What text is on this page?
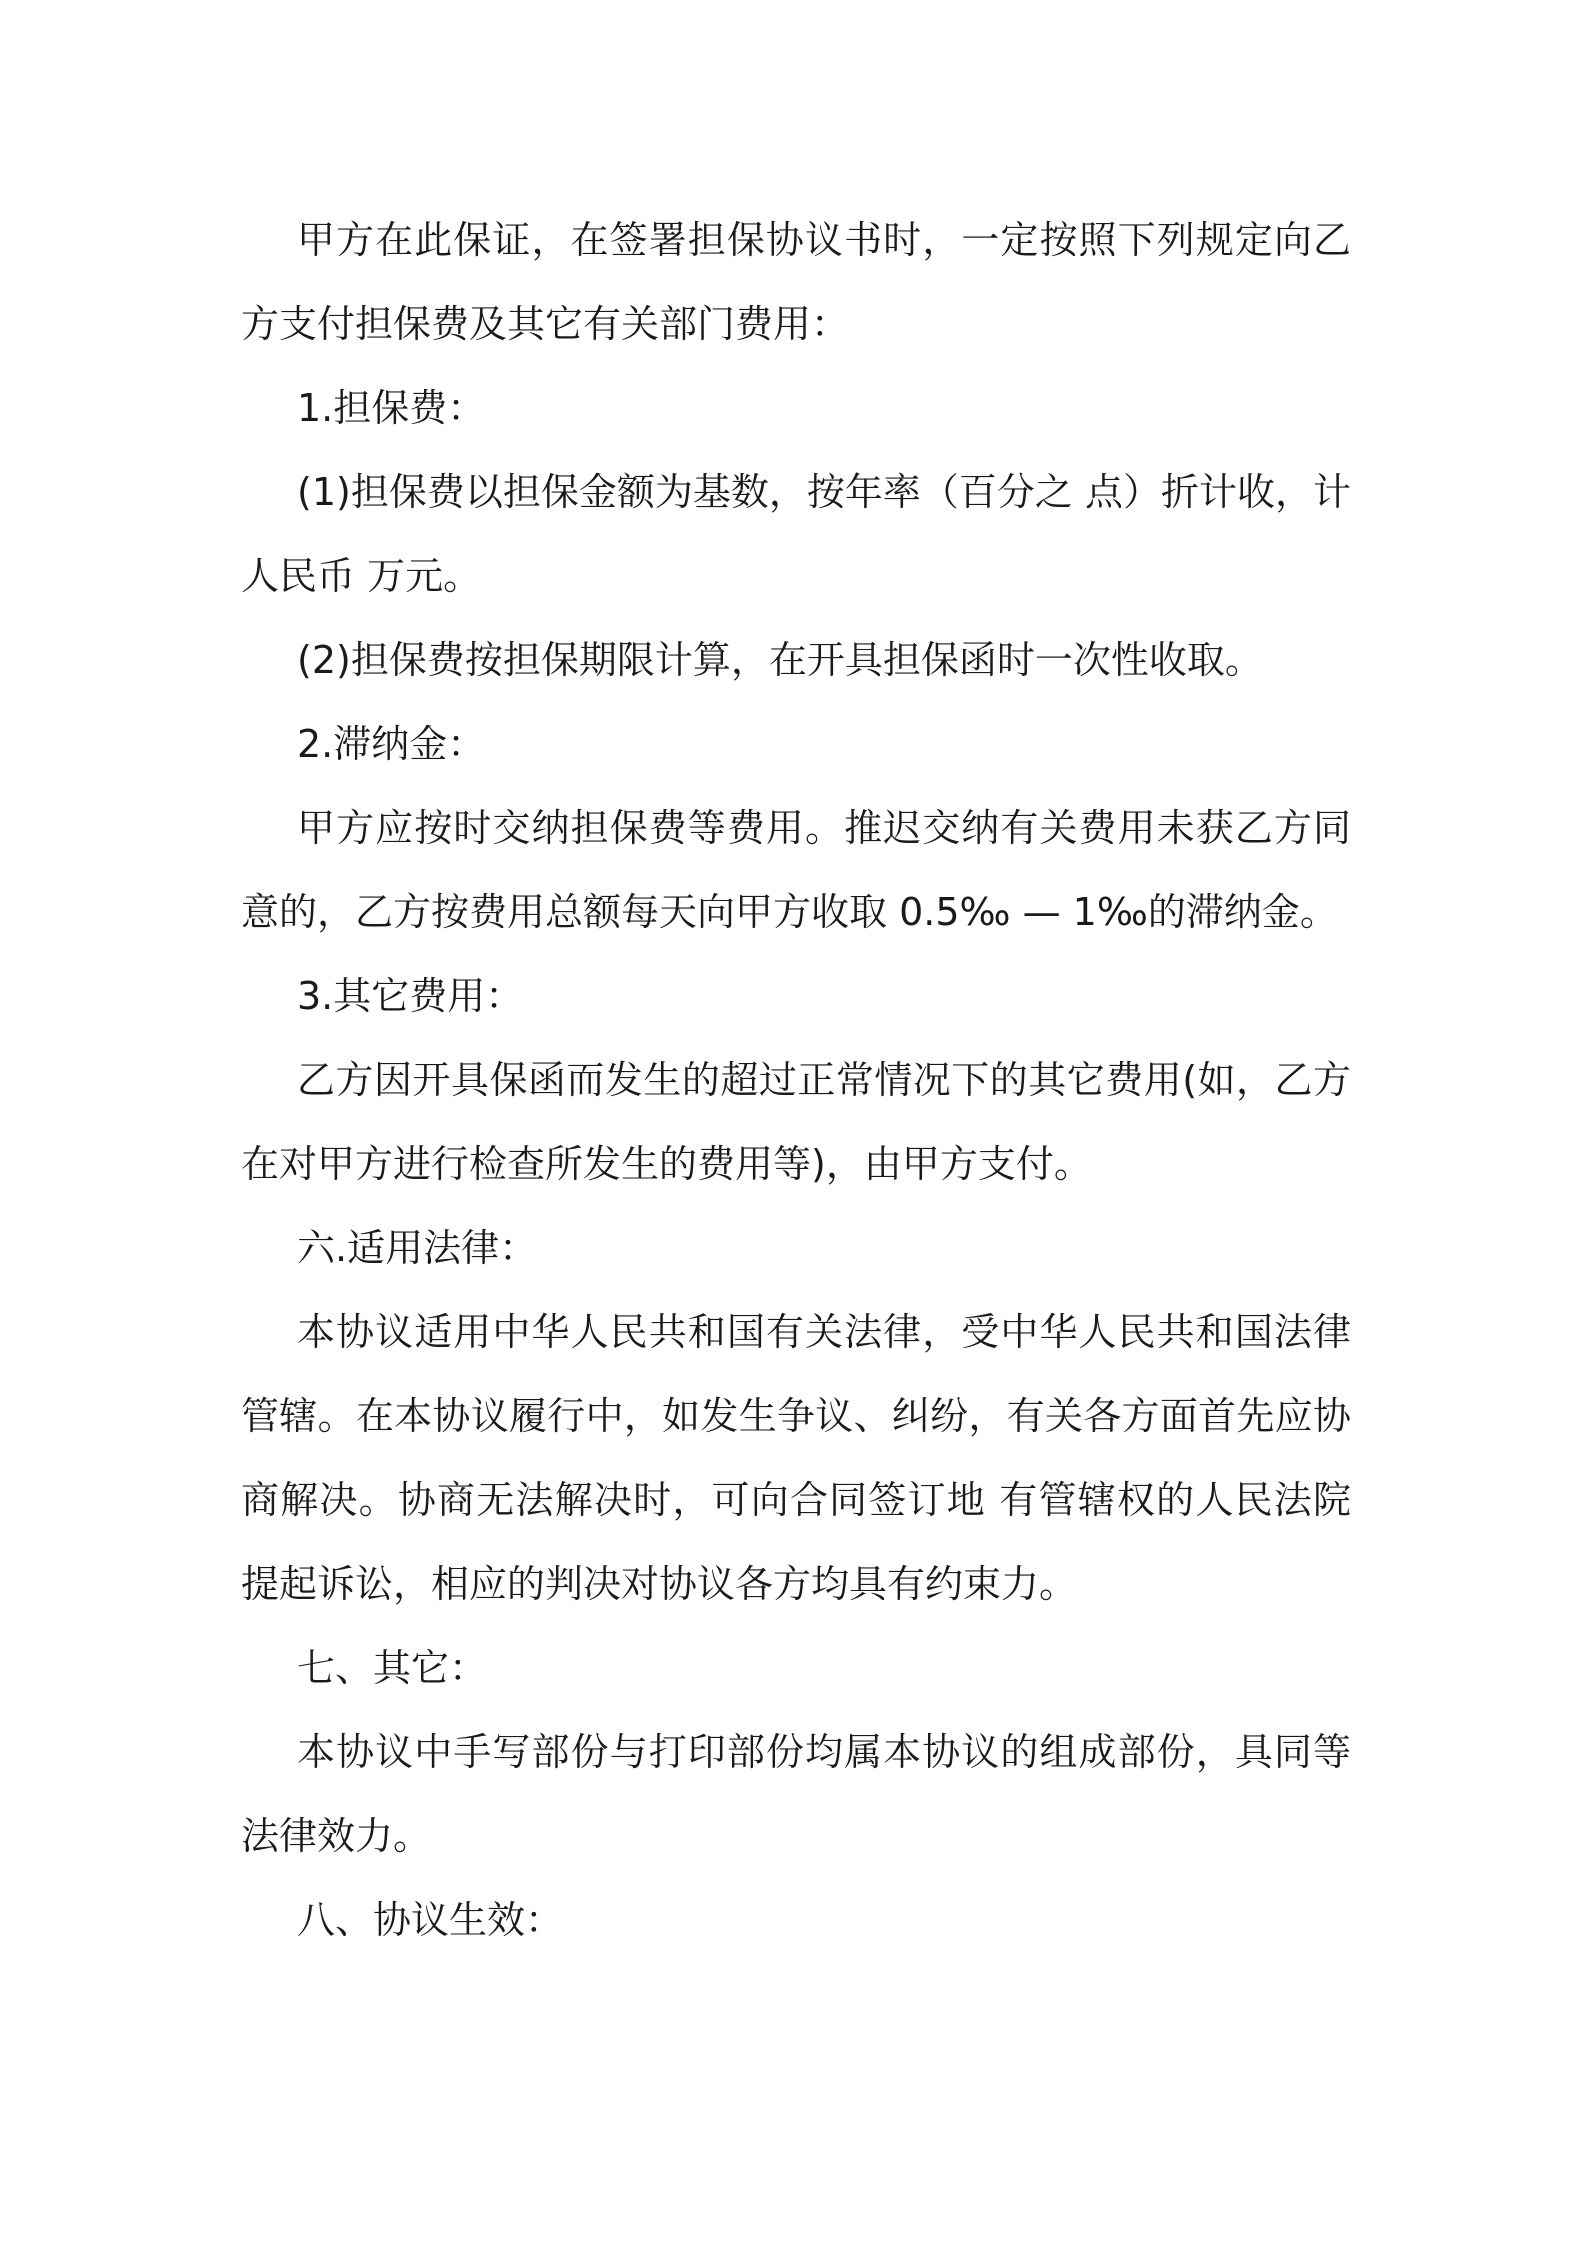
甲方在此保证，在签署担保协议书时，一定按照下列规定向乙方支付担保费及其它有关部门费用：

1.担保费：

(1)担保费以担保金额为基数，按年率（百分之 点）折计收，计人民币 万元。

(2)担保费按担保期限计算，在开具担保函时一次性收取。

2.滞纳金：

甲方应按时交纳担保费等费用。推迟交纳有关费用未获乙方同意的，乙方按费用总额每天向甲方收取 0.5‰ — 1‰的滞纳金。

3.其它费用：

乙方因开具保函而发生的超过正常情况下的其它费用(如，乙方在对甲方进行检查所发生的费用等)，由甲方支付。

六.适用法律：

本协议适用中华人民共和国有关法律，受中华人民共和国法律管辖。在本协议履行中，如发生争议、纠纷，有关各方面首先应协商解决。协商无法解决时，可向合同签订地 有管辖权的人民法院提起诉讼，相应的判决对协议各方均具有约束力。

七、其它：

本协议中手写部份与打印部份均属本协议的组成部份，具同等法律效力。

八、协议生效：
